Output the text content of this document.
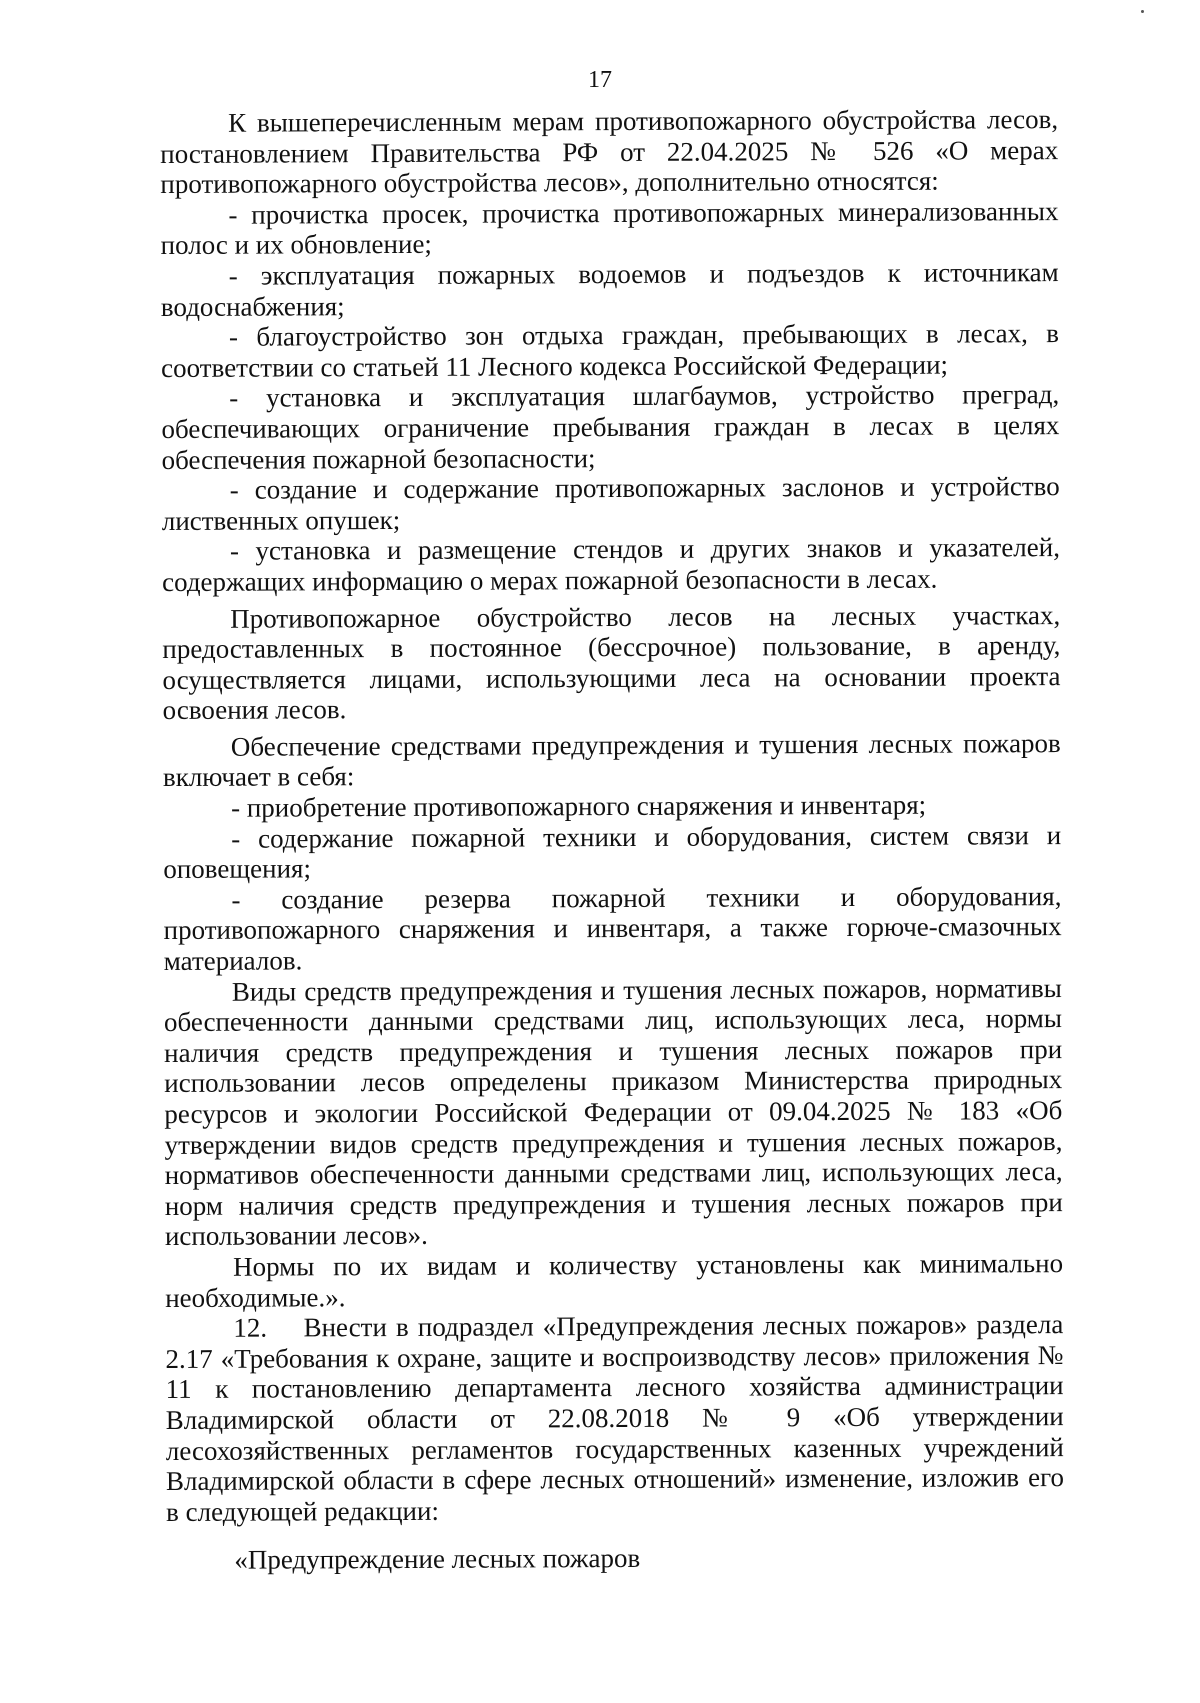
17

К вышеперечисленным мерам противопожарного обустройства лесов, постановлением Правительства РФ от 22.04.2025 № 526 «О мерах противопожарного обустройства лесов», дополнительно относятся:

- прочистка просек, прочистка противопожарных минерализованных полос и их обновление;

- эксплуатация пожарных водоемов и подъездов к источникам водоснабжения;

- благоустройство зон отдыха граждан, пребывающих в лесах, в соответствии со статьей 11 Лесного кодекса Российской Федерации;

- установка и эксплуатация шлагбаумов, устройство преград, обеспечивающих ограничение пребывания граждан в лесах в целях обеспечения пожарной безопасности;

- создание и содержание противопожарных заслонов и устройство лиственных опушек;

- установка и размещение стендов и других знаков и указателей, содержащих информацию о мерах пожарной безопасности в лесах.

Противопожарное обустройство лесов на лесных участках, предоставленных в постоянное (бессрочное) пользование, в аренду, осуществляется лицами, использующими леса на основании проекта освоения лесов.

Обеспечение средствами предупреждения и тушения лесных пожаров включает в себя:

- приобретение противопожарного снаряжения и инвентаря;

- содержание пожарной техники и оборудования, систем связи и оповещения;

- создание резерва пожарной техники и оборудования, противопожарного снаряжения и инвентаря, а также горюче-смазочных материалов.

Виды средств предупреждения и тушения лесных пожаров, нормативы обеспеченности данными средствами лиц, использующих леса, нормы наличия средств предупреждения и тушения лесных пожаров при использовании лесов определены приказом Министерства природных ресурсов и экологии Российской Федерации от 09.04.2025 № 183 «Об утверждении видов средств предупреждения и тушения лесных пожаров, нормативов обеспеченности данными средствами лиц, использующих леса, норм наличия средств предупреждения и тушения лесных пожаров при использовании лесов».

Нормы по их видам и количеству установлены как минимально необходимые.».

12.    Внести в подраздел «Предупреждения лесных пожаров» раздела 2.17 «Требования к охране, защите и воспроизводству лесов» приложения № 11 к постановлению департамента лесного хозяйства администрации Владимирской области от 22.08.2018 № 9 «Об утверждении лесохозяйственных регламентов государственных казенных учреждений Владимирской области в сфере лесных отношений» изменение, изложив его в следующей редакции:

«Предупреждение лесных пожаров
